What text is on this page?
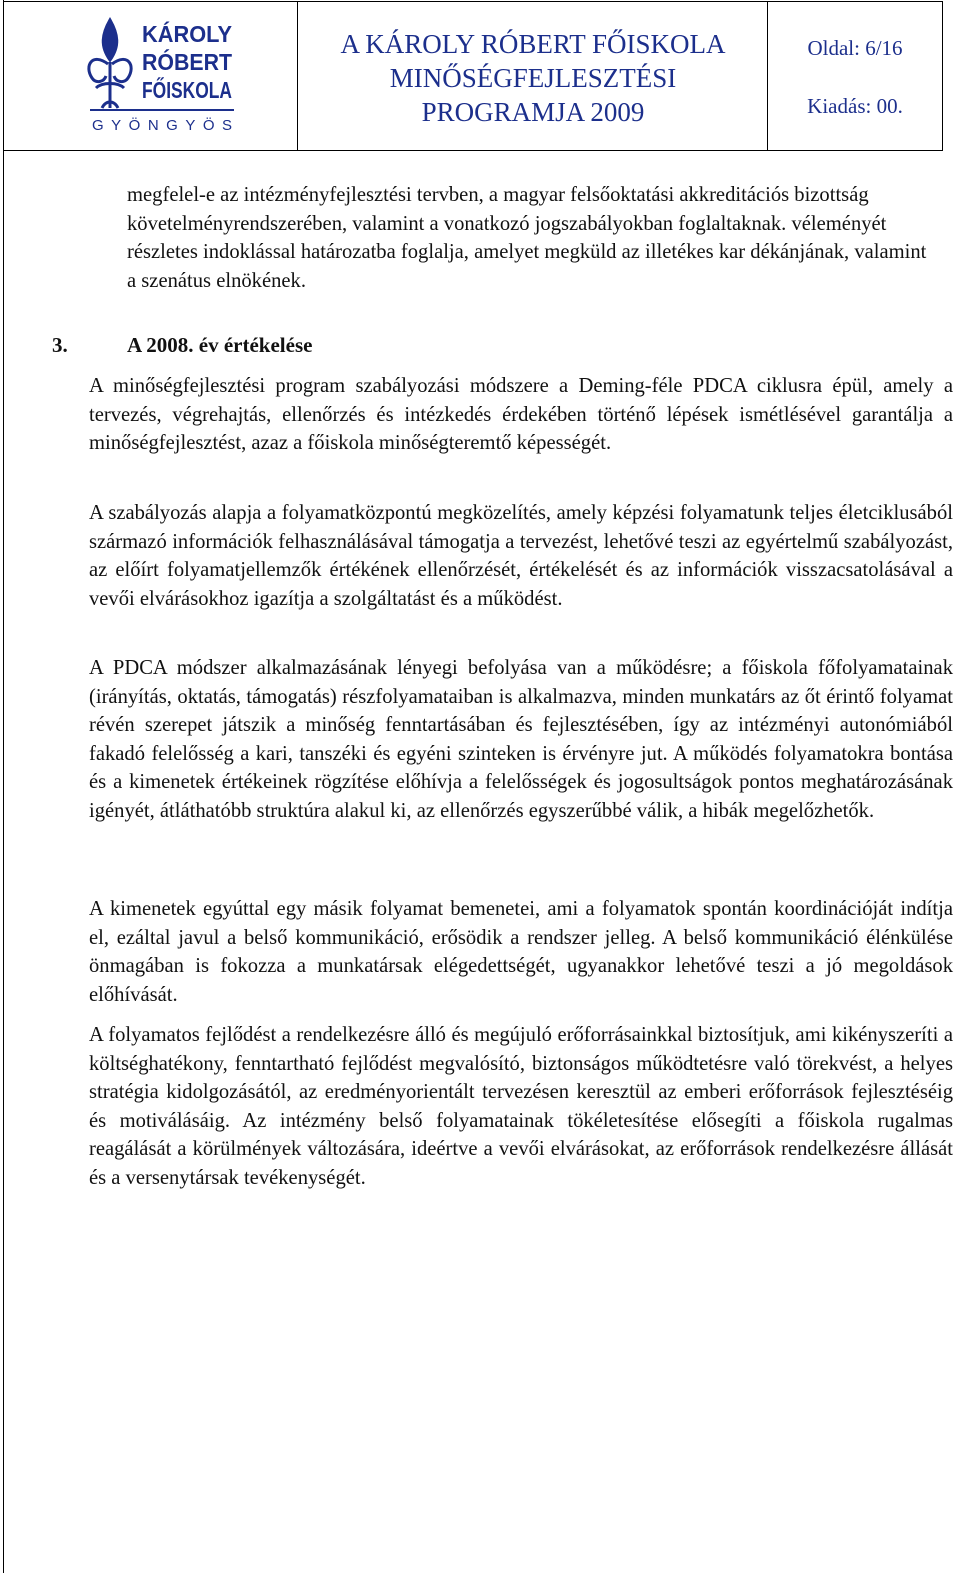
KÁROLY
RÓBERT
FŐISKOLA
GYÖNGYÖS
A KÁROLY RÓBERT FŐISKOLA
MINŐSÉGFEJLESZTÉSI
PROGRAMJA 2009
Oldal: 6/16
Kiadás: 00.

megfelel-e az intézményfejlesztési tervben, a magyar felsőoktatási akkreditációs bizottság követelményrendszerében, valamint a vonatkozó jogszabályokban foglaltaknak. véleményét részletes indoklással határozatba foglalja, amelyet megküld az illetékes kar dékánjának, valamint a szenátus elnökének.

3.	A 2008. év értékelése

A minőségfejlesztési program szabályozási módszere a Deming-féle PDCA ciklusra épül, amely a tervezés, végrehajtás, ellenőrzés és intézkedés érdekében történő lépések ismétlésével garantálja a minőségfejlesztést, azaz a főiskola minőségteremtő képességét.

A szabályozás alapja a folyamatközpontú megközelítés, amely képzési folyamatunk teljes életciklusából származó információk felhasználásával támogatja a tervezést, lehetővé teszi az egyértelmű szabályozást, az előírt folyamatjellemzők értékének ellenőrzését, értékelését és az információk visszacsatolásával a vevői elvárásokhoz igazítja a szolgáltatást és a működést.

A PDCA módszer alkalmazásának lényegi befolyása van a működésre; a főiskola főfolyamatainak (irányítás, oktatás, támogatás) részfolyamataiban is alkalmazva, minden munkatárs az őt érintő folyamat révén szerepet játszik a minőség fenntartásában és fejlesztésében, így az intézményi autonómiából fakadó felelősség a kari, tanszéki és egyéni szinteken is érvényre jut. A működés folyamatokra bontása és a kimenetek értékeinek rögzítése előhívja a felelősségek és jogosultságok pontos meghatározásának igényét, átláthatóbb struktúra alakul ki, az ellenőrzés egyszerűbbé válik, a hibák megelőzhetők.

A kimenetek egyúttal egy másik folyamat bemenetei, ami a folyamatok spontán koordinációját indítja el, ezáltal javul a belső kommunikáció, erősödik a rendszer jelleg. A belső kommunikáció élénkülése önmagában is fokozza a munkatársak elégedettségét, ugyanakkor lehetővé teszi a jó megoldások előhívását.

A folyamatos fejlődést a rendelkezésre álló és megújuló erőforrásainkkal biztosítjuk, ami kikényszeríti a költséghatékony, fenntartható fejlődést megvalósító, biztonságos működtetésre való törekvést, a helyes stratégia kidolgozásától, az eredményorientált tervezésen keresztül az emberi erőforrások fejlesztéséig és motiválásáig. Az intézmény belső folyamatainak tökéletesítése elősegíti a főiskola rugalmas reagálását a körülmények változására, ideértve a vevői elvárásokat, az erőforrások rendelkezésre állását és a versenytársak tevékenységét.
